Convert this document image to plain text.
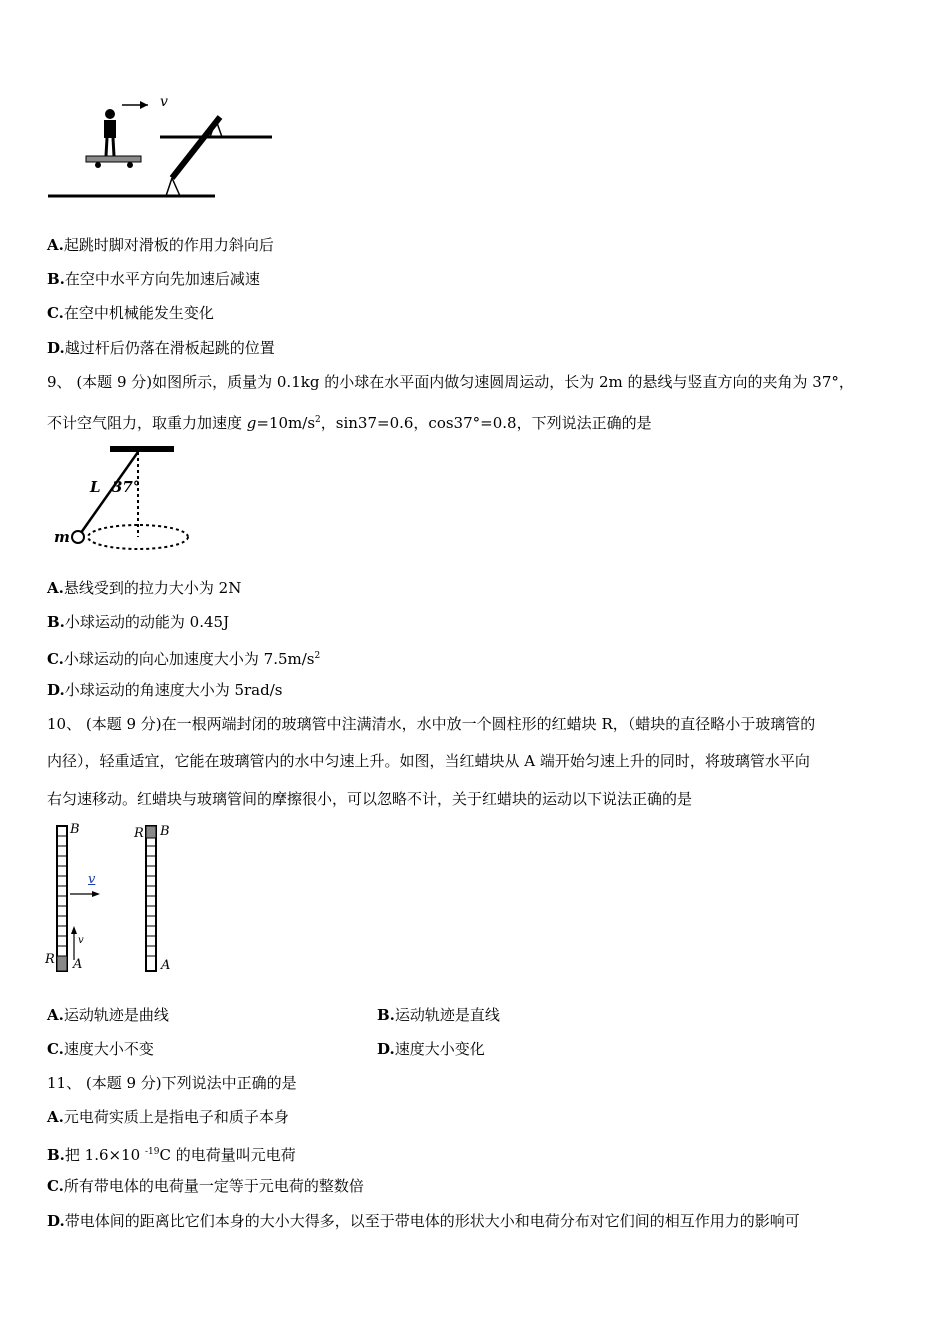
v
A.起跳时脚对滑板的作用力斜向后
B.在空中水平方向先加速后减速
C.在空中机械能发生变化
D.越过杆后仍落在滑板起跳的位置
9、 (本题 9 分)如图所示，质量为 0.1kg 的小球在水平面内做匀速圆周运动，长为 2m 的悬线与竖直方向的夹角为 37°，
不计空气阻力，取重力加速度 $g=10m/s^2$，sin37=0.6，cos37°=0.8，下列说法正确的是
L 37°
m
A.悬线受到的拉力大小为 2N
B.小球运动的动能为 0.45J
C.小球运动的向心加速度大小为 $7.5m/s^2$
D.小球运动的角速度大小为 5rad/s
10、 (本题 9 分)在一根两端封闭的玻璃管中注满清水，水中放一个圆柱形的红蜡块 R，（蜡块的直径略小于玻璃管的
内径），轻重适宜，它能在玻璃管内的水中匀速上升。如图，当红蜡块从 A 端开始匀速上升的同时，将玻璃管水平向
右匀速移动。红蜡块与玻璃管间的摩擦很小，可以忽略不计，关于红蜡块的运动以下说法正确的是
B
A
R
R B
A
v
v
A.运动轨迹是曲线	B.运动轨迹是直线
C.速度大小不变	D.速度大小变化
11、 (本题 9 分)下列说法中正确的是
A.元电荷实质上是指电子和质子本身
B.把 1.6×10 $^{-19}$C 的电荷量叫元电荷
C.所有带电体的电荷量一定等于元电荷的整数倍
D.带电体间的距离比它们本身的大小大得多，以至于带电体的形状大小和电荷分布对它们间的相互作用力的影响可
